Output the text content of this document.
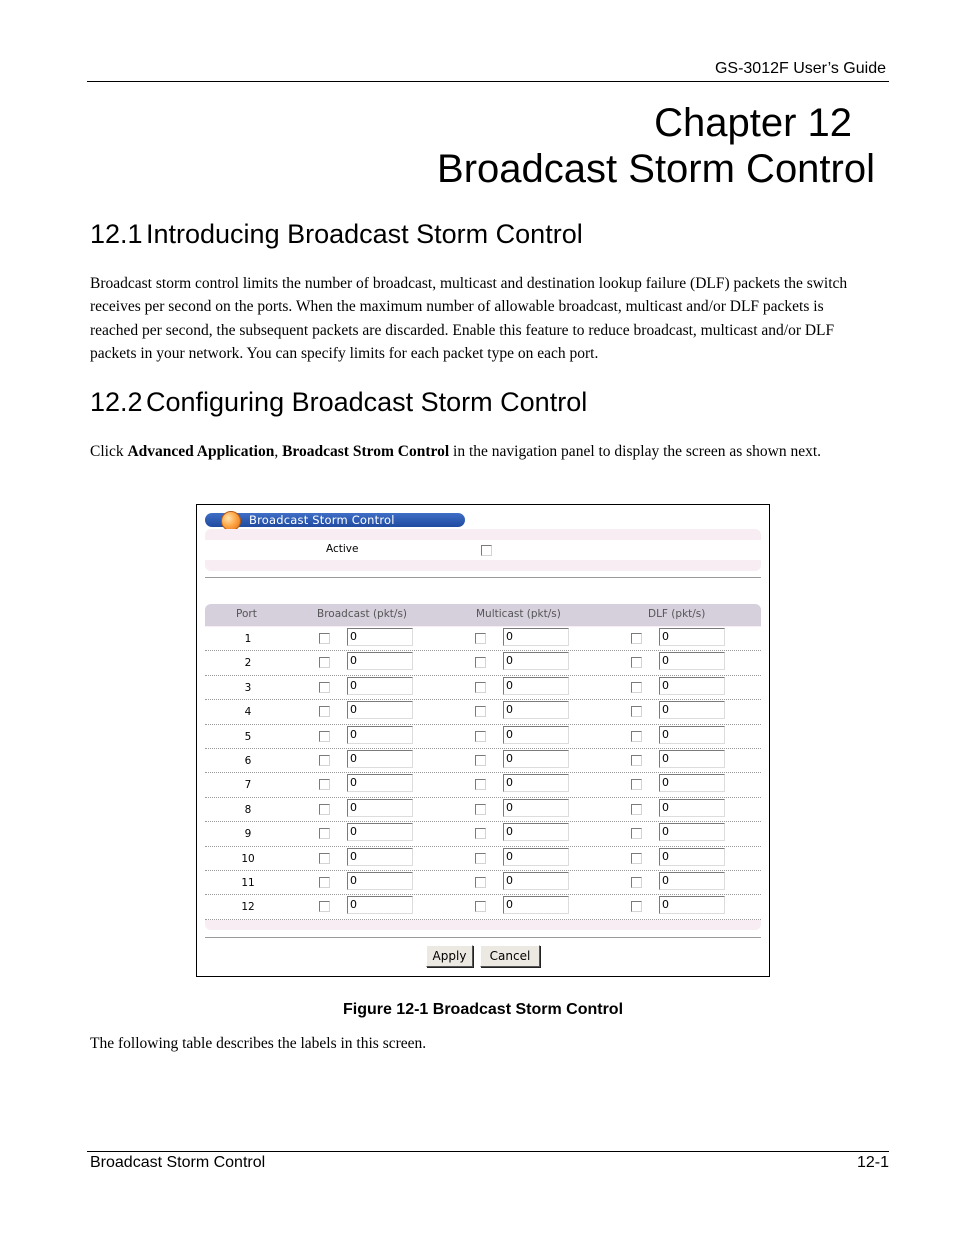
GS-3012F User’s Guide
Chapter 12
Broadcast Storm Control
12.1 Introducing Broadcast Storm Control
Broadcast storm control limits the number of broadcast, multicast and destination lookup failure (DLF) packets the switch receives per second on the ports. When the maximum number of allowable broadcast, multicast and/or DLF packets is reached per second, the subsequent packets are discarded. Enable this feature to reduce broadcast, multicast and/or DLF packets in your network. You can specify limits for each packet type on each port.
12.2 Configuring Broadcast Storm Control
Click Advanced Application, Broadcast Strom Control in the navigation panel to display the screen as shown next.
Broadcast Storm Control
Active
Port	Broadcast (pkt/s)	Multicast (pkt/s)	DLF (pkt/s)
1	0	0	0
2	0	0	0
3	0	0	0
4	0	0	0
5	0	0	0
6	0	0	0
7	0	0	0
8	0	0	0
9	0	0	0
10	0	0	0
11	0	0	0
12	0	0	0
Apply	Cancel
Figure 12-1 Broadcast Storm Control
The following table describes the labels in this screen.
Broadcast Storm Control	12-1
